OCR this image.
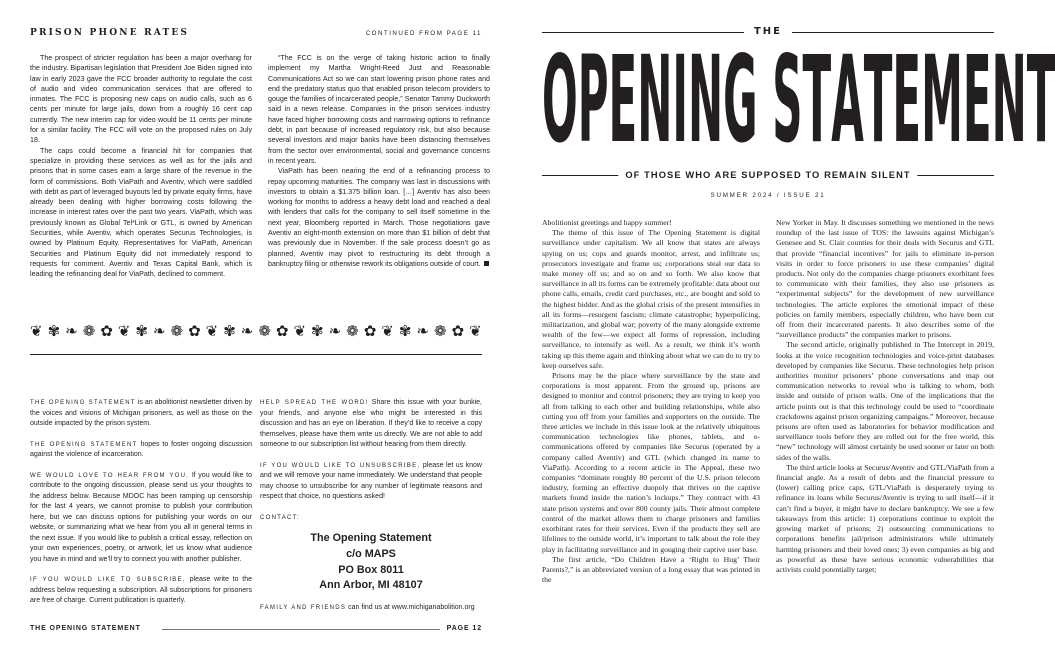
PRISON PHONE RATES	CONTINUED FROM PAGE 11

The prospect of stricter regulation has been a major overhang for the industry. Bipartisan legislation that President Joe Biden signed into law in early 2023 gave the FCC broader authority to regulate the cost of audio and video communication services that are offered to inmates. The FCC is proposing new caps on audio calls, such as 6 cents per minute for large jails, down from a roughly 16 cent cap currently. The new interim cap for video would be 11 cents per minute for a similar facility. The FCC will vote on the proposed rules on July 18.

The caps could become a financial hit for companies that specialize in providing these services as well as for the jails and prisons that in some cases earn a large share of the revenue in the form of commissions. Both ViaPath and Aventiv, which were saddled with debt as part of leveraged buyouts led by private equity firms, have already been dealing with higher borrowing costs following the increase in interest rates over the past two years. ViaPath, which was previously known as Global Tel*Link or GTL, is owned by American Securities, while Aventiv, which operates Securus Technologies, is owned by Platinum Equity. Representatives for ViaPath, American Securities and Platinum Equity did not immediately respond to requests for comment. Aventiv and Texas Capital Bank, which is leading the refinancing deal for ViaPath, declined to comment.

“The FCC is on the verge of taking historic action to finally implement my Martha Wright-Reed Just and Reasonable Communications Act so we can start lowering prison phone rates and end the predatory status quo that enabled prison telecom providers to gouge the families of incarcerated people,” Senator Tammy Duckworth said in a news release. Companies in the prison services industry have faced higher borrowing costs and narrowing options to refinance debt, in part because of increased regulatory risk, but also because several investors and major banks have been distancing themselves from the sector over environmental, social and governance concerns in recent years.

ViaPath has been nearing the end of a refinancing process to repay upcoming maturities. The company was last in discussions with investors to obtain a $1.375 billion loan. […] Aventiv has also been working for months to address a heavy debt load and reached a deal with lenders that calls for the company to sell itself sometime in the next year, Bloomberg reported in March. Those negotiations gave Aventiv an eight-month extension on more than $1 billion of debt that was previously due in November. If the sale process doesn’t go as planned, Aventiv may pivot to restructuring its debt through a bankruptcy filing or otherwise rework its obligations outside of court.

❦ ✾ ❧ ❁ ✿ ❦ ✾ ❧ ❁ ✿ ❦ ✾ ❧ ❁ ✿ ❦ ✾ ❧ ❁ ✿ ❦ ✾ ❧ ❁ ✿ ❦

THE OPENING STATEMENT is an abolitionist newsletter driven by the voices and visions of Michigan prisoners, as well as those on the outside impacted by the prison system.

THE OPENING STATEMENT hopes to foster ongoing discussion against the violence of incarceration.

WE WOULD LOVE TO HEAR FROM YOU. If you would like to contribute to the ongoing discussion, please send us your thoughts to the address below. Because MDOC has been ramping up censorship for the last 4 years, we cannot promise to publish your contribution here, but we can discuss options for publishing your words on our website, or summarizing what we hear from you all in general terms in the next issue. If you would like to publish a critical essay, reflection on your own experiences, poetry, or artwork, let us know what audience you have in mind and we’ll try to connect you with another publisher.

IF YOU WOULD LIKE TO SUBSCRIBE, please write to the address below requesting a subscription. All subscriptions for prisoners are free of charge. Current publication is quarterly.

HELP SPREAD THE WORD! Share this issue with your bunkie, your friends, and anyone else who might be interested in this discussion and has an eye on liberation. If they’d like to receive a copy themselves, please have them write us directly. We are not able to add someone to our subscription list without hearing from them directly.

IF YOU WOULD LIKE TO UNSUBSCRIBE, please let us know and we will remove your name immediately. We understand that people may choose to unsubscribe for any number of legitimate reasons and respect that choice, no questions asked!

CONTACT:

The Opening Statement
c/o MAPS
PO Box 8011
Ann Arbor, MI 48107

FAMILY AND FRIENDS can find us at www.michiganabolition.org

THE OPENING STATEMENT	PAGE 12
THE
O P E N I N G
S T A T E M E N T
OF THOSE WHO ARE SUPPOSED TO REMAIN SILENT
SUMMER 2024 / ISSUE 21

Abolitionist greetings and happy summer!

The theme of this issue of The Opening Statement is digital surveillance under capitalism. We all know that states are always spying on us; cops and guards monitor, arrest, and infiltrate us; prosecutors investigate and frame us; corporations steal our data to make money off us; and so on and so forth. We also know that surveillance in all its forms can be extremely profitable: data about our phone calls, emails, credit card purchases, etc., are bought and sold to the highest bidder. And as the global crisis of the present intensifies in all its forms—resurgent fascism; climate catastrophe; hyperpolicing, militarization, and global war; poverty of the many alongside extreme wealth of the few—we expect all forms of repression, including surveillance, to intensify as well. As a result, we think it’s worth taking up this theme again and thinking about what we can do to try to keep ourselves safe.

Prisons may be the place where surveillance by the state and corporations is most apparent. From the ground up, prisons are designed to monitor and control prisoners; they are trying to keep you all from talking to each other and building relationships, while also cutting you off from your families and supporters on the outside. The three articles we include in this issue look at the relatively ubiquitous communication technologies like phones, tablets, and e-communications offered by companies like Securus (operated by a company called Aventiv) and GTL (which changed its name to ViaPath). According to a recent article in The Appeal, these two companies “dominate roughly 80 percent of the U.S. prison telecom industry, forming an effective duopoly that thrives on the captive markets found inside the nation’s lockups.” They contract with 43 state prison systems and over 800 county jails. Their almost complete control of the market allows them to charge prisoners and families exorbitant rates for their services. Even if the products they sell are lifelines to the outside world, it’s important to talk about the role they play in facilitating surveillance and in gouging their captive user base.

The first article, “Do Children Have a ‘Right to Hug’ Their Parents?,” is an abbreviated version of a long essay that was printed in the

New Yorker in May. It discusses something we mentioned in the news roundup of the last issue of TOS: the lawsuits against Michigan’s Genesee and St. Clair counties for their deals with Securus and GTL that provide “financial incentives” for jails to eliminate in-person visits in order to force prisoners to use these companies’ digital products. Not only do the companies charge prisoners exorbitant fees to communicate with their families, they also use prisoners as “experimental subjects” for the development of new surveillance technologies. The article explores the emotional impact of these policies on family members, especially children, who have been cut off from their incarcerated parents. It also describes some of the “surveillance products” the companies market to prisons.

The second article, originally published in The Intercept in 2019, looks at the voice recognition technologies and voice-print databases developed by companies like Securus. These technologies help prison authorities monitor prisoners’ phone conversations and map out communication networks to reveal who is talking to whom, both inside and outside of prison walls. One of the implications that the article points out is that this technology could be used to “coordinate crackdowns against prison organizing campaigns.” Moreover, because prisons are often used as laboratories for behavior modification and surveillance tools before they are rolled out for the free world, this “new” technology will almost certainly be used sooner or later on both sides of the walls.

The third article looks at Securus/Aventiv and GTL/ViaPath from a financial angle. As a result of debts and the financial pressure to (lower) calling price caps, GTL/ViaPath is desperately trying to refinance its loans while Securus/Aventiv is trying to sell itself—if it can’t find a buyer, it might have to declare bankruptcy. We see a few takeaways from this article: 1) corporations continue to exploit the growing market of prisons; 2) outsourcing communications to corporations benefits jail/prison administrators while ultimately harming prisoners and their loved ones; 3) even companies as big and as powerful as these have serious economic vulnerabilities that activists could potentially target;
